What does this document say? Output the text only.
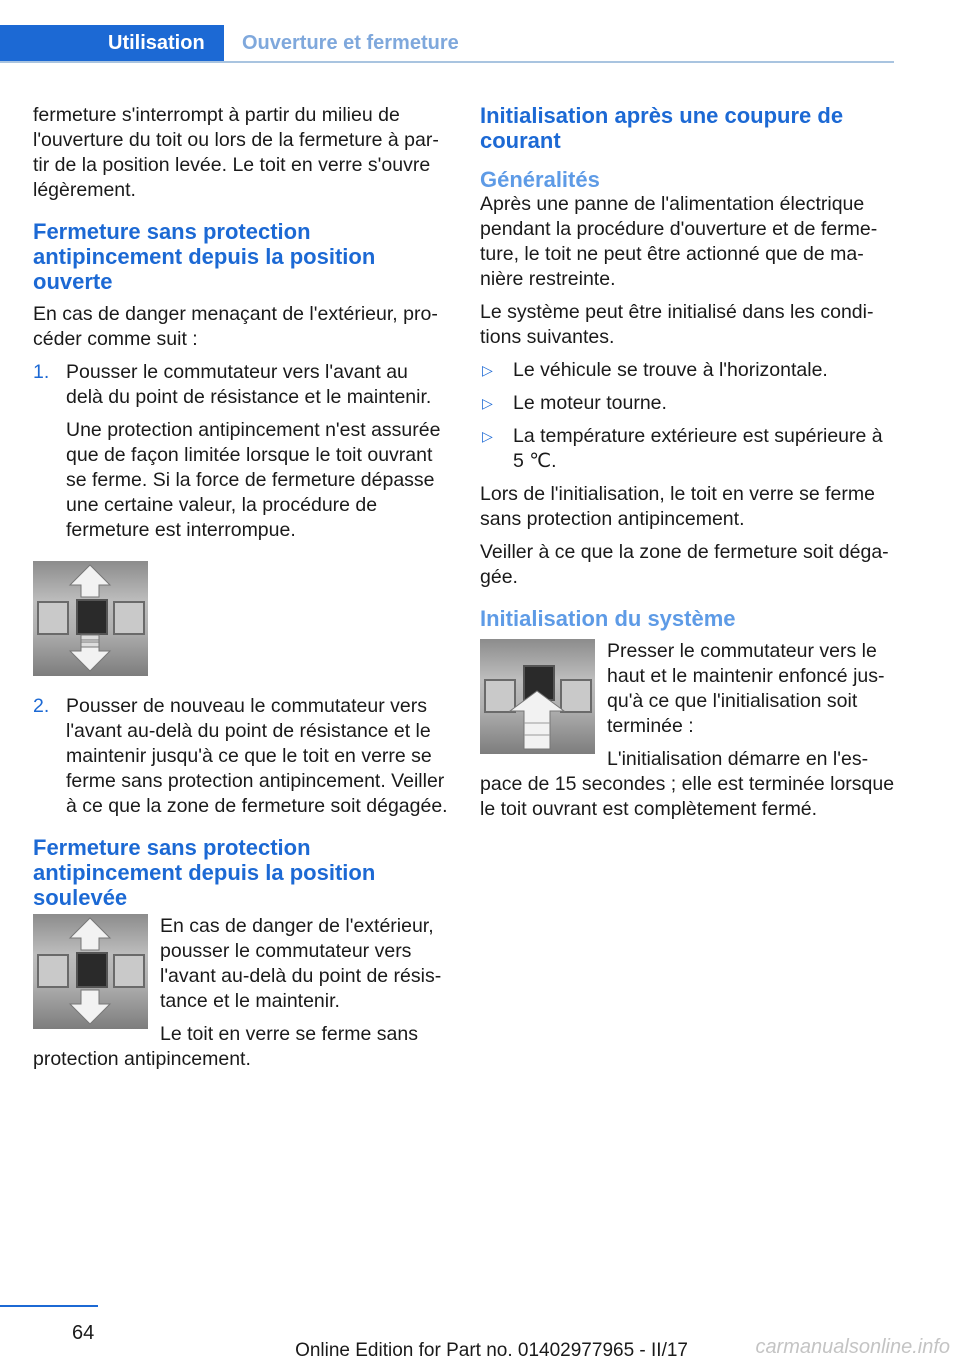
Utilisation	Ouverture et fermeture

fermeture s'interrompt à partir du milieu de l'ouverture du toit ou lors de la fermeture à partir de la position levée. Le toit en verre s'ouvre légèrement.

Fermeture sans protection antipincement depuis la position ouverte

En cas de danger menaçant de l'extérieur, procéder comme suit :

1. Pousser le commutateur vers l'avant au delà du point de résistance et le maintenir.

Une protection antipincement n'est assurée que de façon limitée lorsque le toit ouvrant se ferme. Si la force de fermeture dépasse une certaine valeur, la procédure de fermeture est interrompue.

2. Pousser de nouveau le commutateur vers l'avant au-delà du point de résistance et le maintenir jusqu'à ce que le toit en verre se ferme sans protection antipincement. Veiller à ce que la zone de fermeture soit dégagée.

Fermeture sans protection antipincement depuis la position soulevée

En cas de danger de l'extérieur, pousser le commutateur vers l'avant au-delà du point de résistance et le maintenir.

Le toit en verre se ferme sans protection antipincement.

Initialisation après une coupure de courant
Généralités

Après une panne de l'alimentation électrique pendant la procédure d'ouverture et de fermeture, le toit ne peut être actionné que de manière restreinte.

Le système peut être initialisé dans les conditions suivantes.

▷ Le véhicule se trouve à l'horizontale.
▷ Le moteur tourne.
▷ La température extérieure est supérieure à 5 ℃.

Lors de l'initialisation, le toit en verre se ferme sans protection antipincement.

Veiller à ce que la zone de fermeture soit dégagée.

Initialisation du système

Presser le commutateur vers le haut et le maintenir enfoncé jusqu'à ce que l'initialisation soit terminée :

L'initialisation démarre en l'espace de 15 secondes ; elle est terminée lorsque le toit ouvrant est complètement fermé.

64
Online Edition for Part no. 01402977965 - II/17	carmanualsonline.info
